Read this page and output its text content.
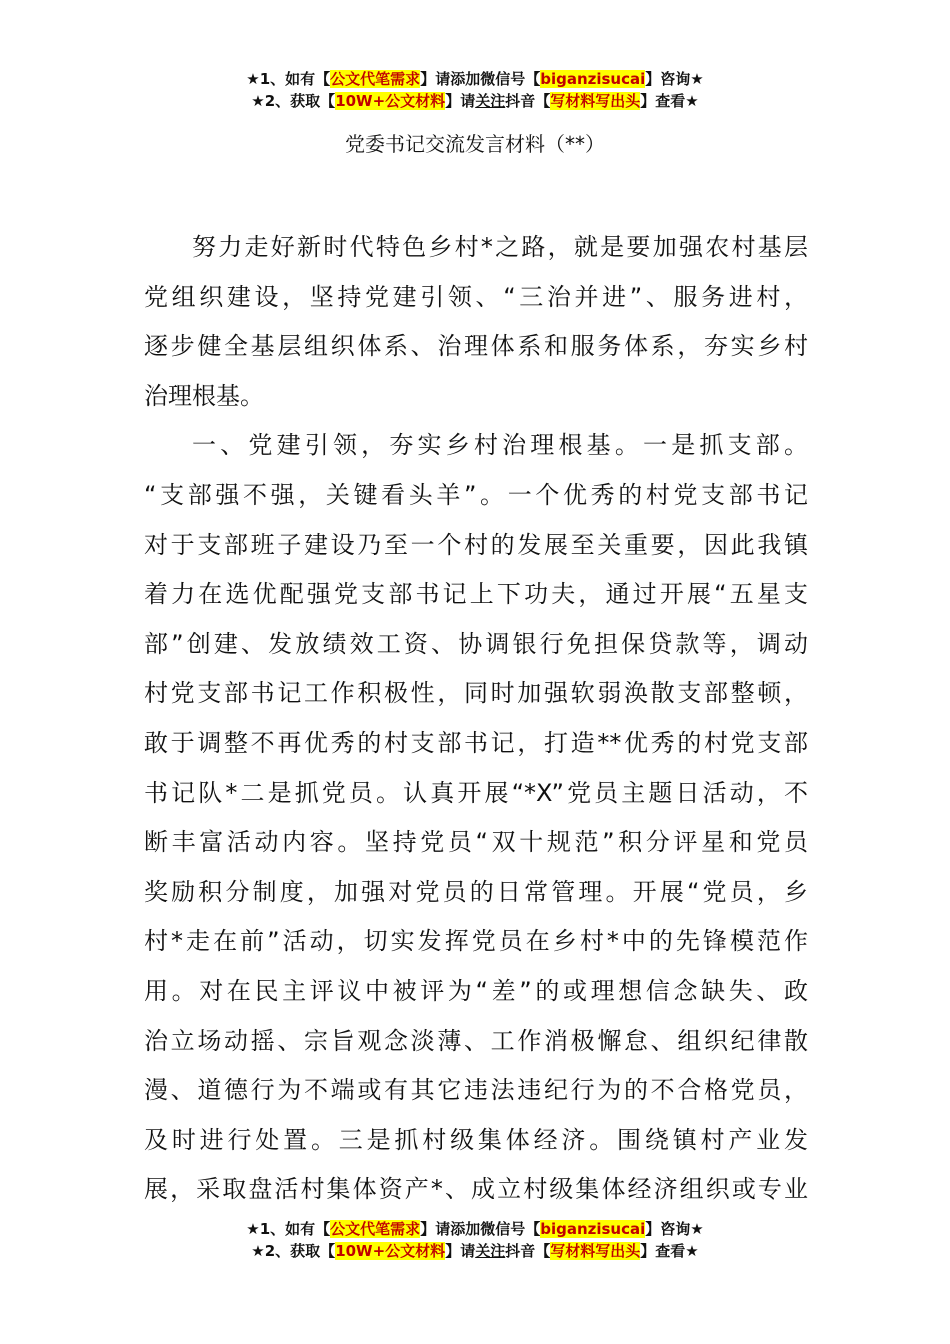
★1、如有【公文代笔需求】请添加微信号【biganzisucai】咨询★
★2、获取【10W+公文材料】请关注抖音【写材料写出头】查看★
党委书记交流发言材料（**）
努力走好新时代特色乡村*之路，就是要加强农村基层
党组织建设，坚持党建引领、“三治并进”、服务进村，
逐步健全基层组织体系、治理体系和服务体系，夯实乡村
治理根基。
一、党建引领，夯实乡村治理根基。一是抓支部。
“支部强不强，关键看头羊”。一个优秀的村党支部书记
对于支部班子建设乃至一个村的发展至关重要，因此我镇
着力在选优配强党支部书记上下功夫，通过开展“五星支
部”创建、发放绩效工资、协调银行免担保贷款等，调动
村党支部书记工作积极性，同时加强软弱涣散支部整顿，
敢于调整不再优秀的村支部书记，打造**优秀的村党支部
书记队*二是抓党员。认真开展“*X”党员主题日活动，不
断丰富活动内容。坚持党员“双十规范”积分评星和党员
奖励积分制度，加强对党员的日常管理。开展“党员，乡
村*走在前”活动，切实发挥党员在乡村*中的先锋模范作
用。对在民主评议中被评为“差”的或理想信念缺失、政
治立场动摇、宗旨观念淡薄、工作消极懈怠、组织纪律散
漫、道德行为不端或有其它违法违纪行为的不合格党员，
及时进行处置。三是抓村级集体经济。围绕镇村产业发
展，采取盘活村集体资产*、成立村级集体经济组织或专业
★1、如有【公文代笔需求】请添加微信号【biganzisucai】咨询★
★2、获取【10W+公文材料】请关注抖音【写材料写出头】查看★
